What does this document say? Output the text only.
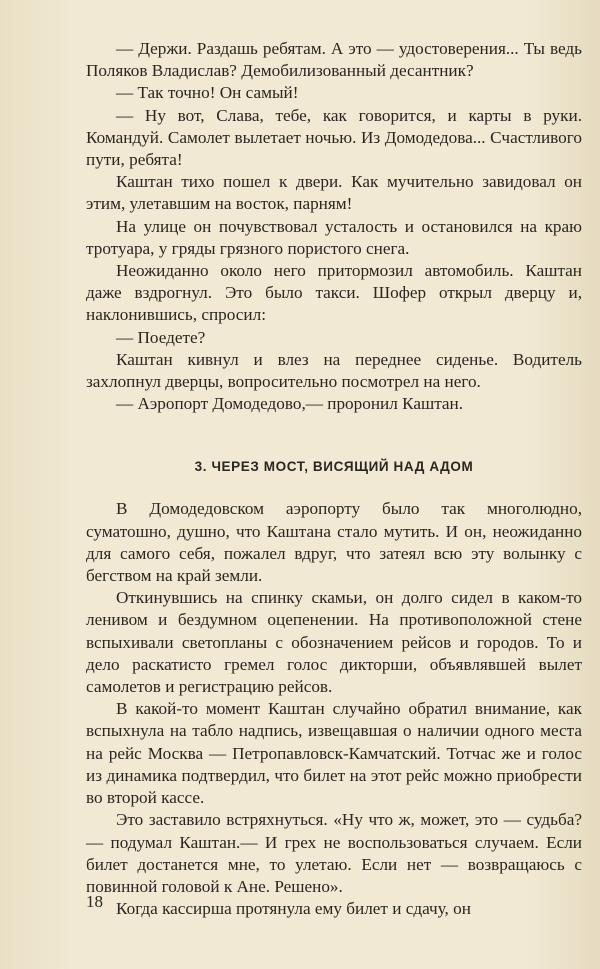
— Держи. Раздашь ребятам. А это — удостоверения... Ты ведь Поляков Владислав? Демобилизованный десантник?

— Так точно! Он самый!

— Ну вот, Слава, тебе, как говорится, и карты в руки. Командуй. Самолет вылетает ночью. Из Домодедова... Счастливого пути, ребята!

Каштан тихо пошел к двери. Как мучительно завидовал он этим, улетавшим на восток, парням!

На улице он почувствовал усталость и остановился на краю тротуара, у гряды грязного пористого снега.

Неожиданно около него притормозил автомобиль. Каштан даже вздрогнул. Это было такси. Шофер открыл дверцу и, наклонившись, спросил:

— Поедете?

Каштан кивнул и влез на переднее сиденье. Водитель захлопнул дверцы, вопросительно посмотрел на него.

— Аэропорт Домодедово,— проронил Каштан.

3. ЧЕРЕЗ МОСТ, ВИСЯЩИЙ НАД АДОМ

В Домодедовском аэропорту было так многолюдно, суматошно, душно, что Каштана стало мутить. И он, неожиданно для самого себя, пожалел вдруг, что затеял всю эту волынку с бегством на край земли.

Откинувшись на спинку скамьи, он долго сидел в каком-то ленивом и бездумном оцепенении. На противоположной стене вспыхивали светопланы с обозначением рейсов и городов. То и дело раскатисто гремел голос дикторши, объявлявшей вылет самолетов и регистрацию рейсов.

В какой-то момент Каштан случайно обратил внимание, как вспыхнула на табло надпись, извещавшая о наличии одного места на рейс Москва — Петропавловск-Камчатский. Тотчас же и голос из динамика подтвердил, что билет на этот рейс можно приобрести во второй кассе.

Это заставило встряхнуться. «Ну что ж, может, это — судьба? — подумал Каштан.— И грех не воспользоваться случаем. Если билет достанется мне, то улетаю. Если нет — возвращаюсь с повинной головой к Ане. Решено».

Когда кассирша протянула ему билет и сдачу, он

18
